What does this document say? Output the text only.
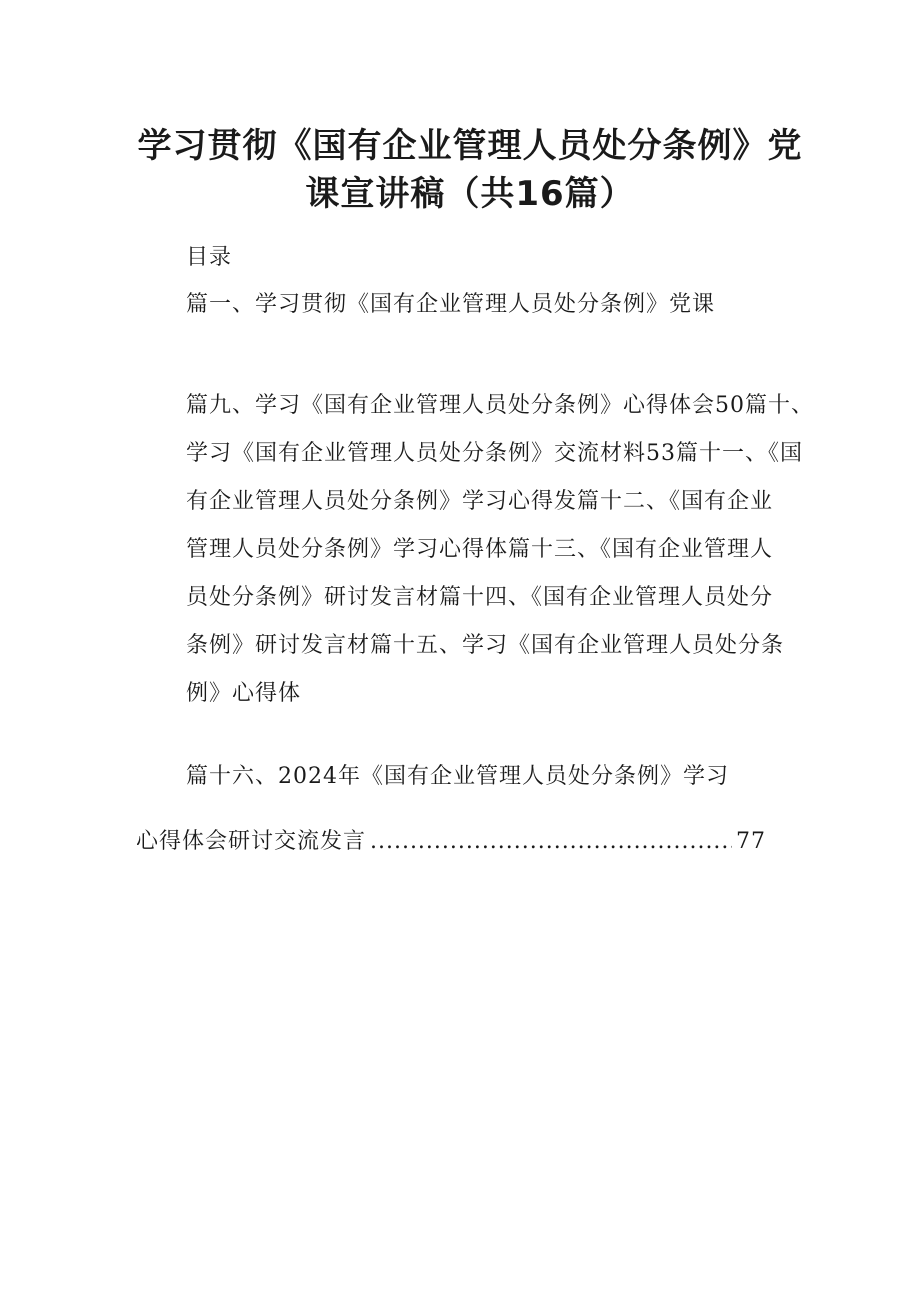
学习贯彻《国有企业管理人员处分条例》党
课宣讲稿（共16篇）
目录
篇一、学习贯彻《国有企业管理人员处分条例》党课
篇九、学习《国有企业管理人员处分条例》心得体会50篇十、
学习《国有企业管理人员处分条例》交流材料53篇十一、《国
有企业管理人员处分条例》学习心得发篇十二、《国有企业
管理人员处分条例》学习心得体篇十三、《国有企业管理人
员处分条例》研讨发言材篇十四、《国有企业管理人员处分
条例》研讨发言材篇十五、学习《国有企业管理人员处分条
例》心得体
篇十六、2024年《国有企业管理人员处分条例》学习
心得体会研讨交流发言
. . .	77
